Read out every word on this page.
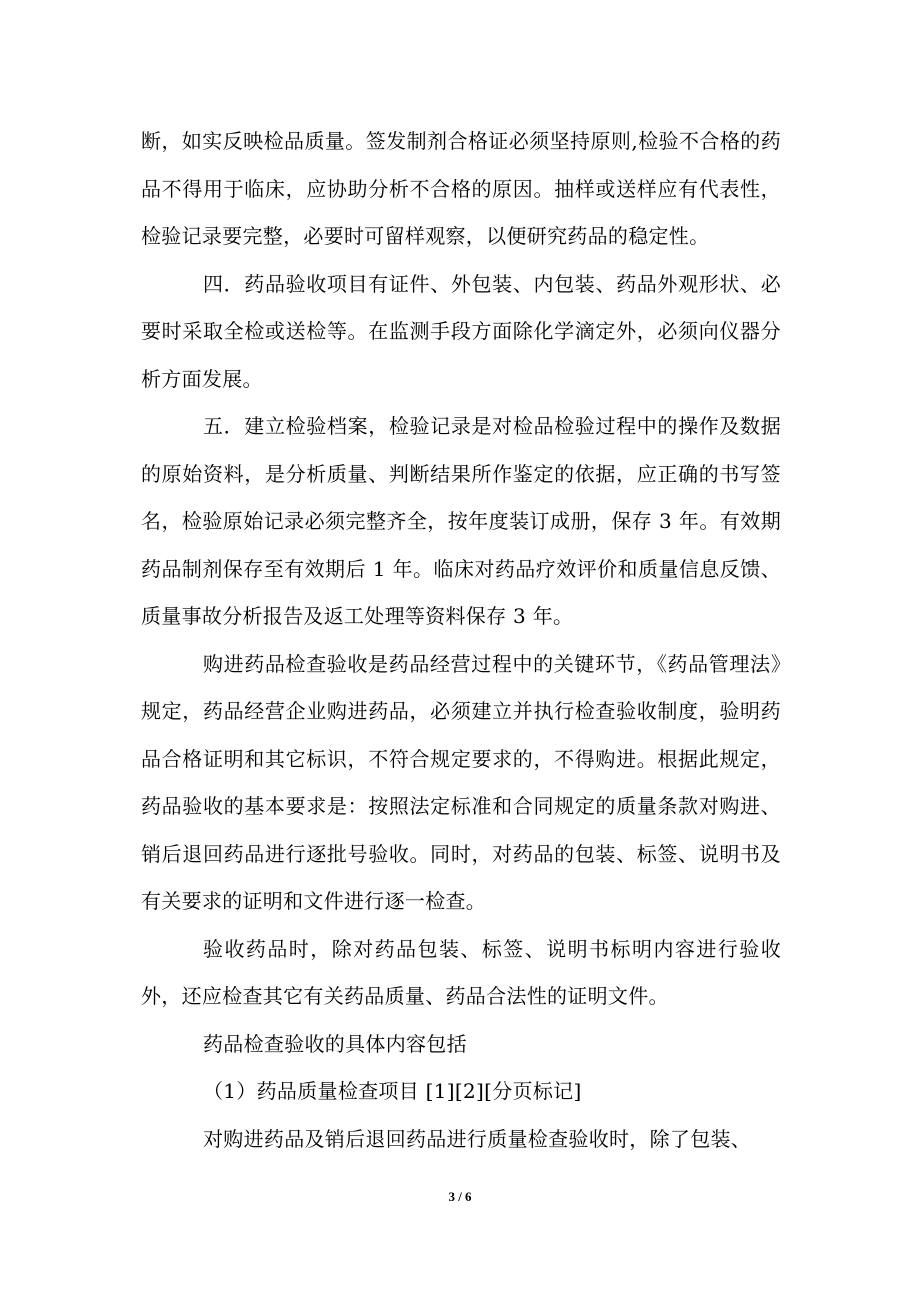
断，如实反映检品质量。签发制剂合格证必须坚持原则,检验不合格的药品不得用于临床，应协助分析不合格的原因。抽样或送样应有代表性，检验记录要完整，必要时可留样观察，以便研究药品的稳定性。

四．药品验收项目有证件、外包装、内包装、药品外观形状、必要时采取全检或送检等。在监测手段方面除化学滴定外，必须向仪器分析方面发展。

五．建立检验档案，检验记录是对检品检验过程中的操作及数据的原始资料，是分析质量、判断结果所作鉴定的依据，应正确的书写签名，检验原始记录必须完整齐全，按年度装订成册，保存 3 年。有效期药品制剂保存至有效期后 1 年。临床对药品疗效评价和质量信息反馈、质量事故分析报告及返工处理等资料保存 3 年。

购进药品检查验收是药品经营过程中的关键环节，《药品管理法》规定，药品经营企业购进药品，必须建立并执行检查验收制度，验明药品合格证明和其它标识，不符合规定要求的，不得购进。根据此规定，药品验收的基本要求是：按照法定标准和合同规定的质量条款对购进、销后退回药品进行逐批号验收。同时，对药品的包装、标签、说明书及有关要求的证明和文件进行逐一检查。

验收药品时，除对药品包装、标签、说明书标明内容进行验收外，还应检查其它有关药品质量、药品合法性的证明文件。

药品检查验收的具体内容包括

（1）药品质量检查项目 [1][2][分页标记]

对购进药品及销后退回药品进行质量检查验收时，除了包装、

3 / 6
